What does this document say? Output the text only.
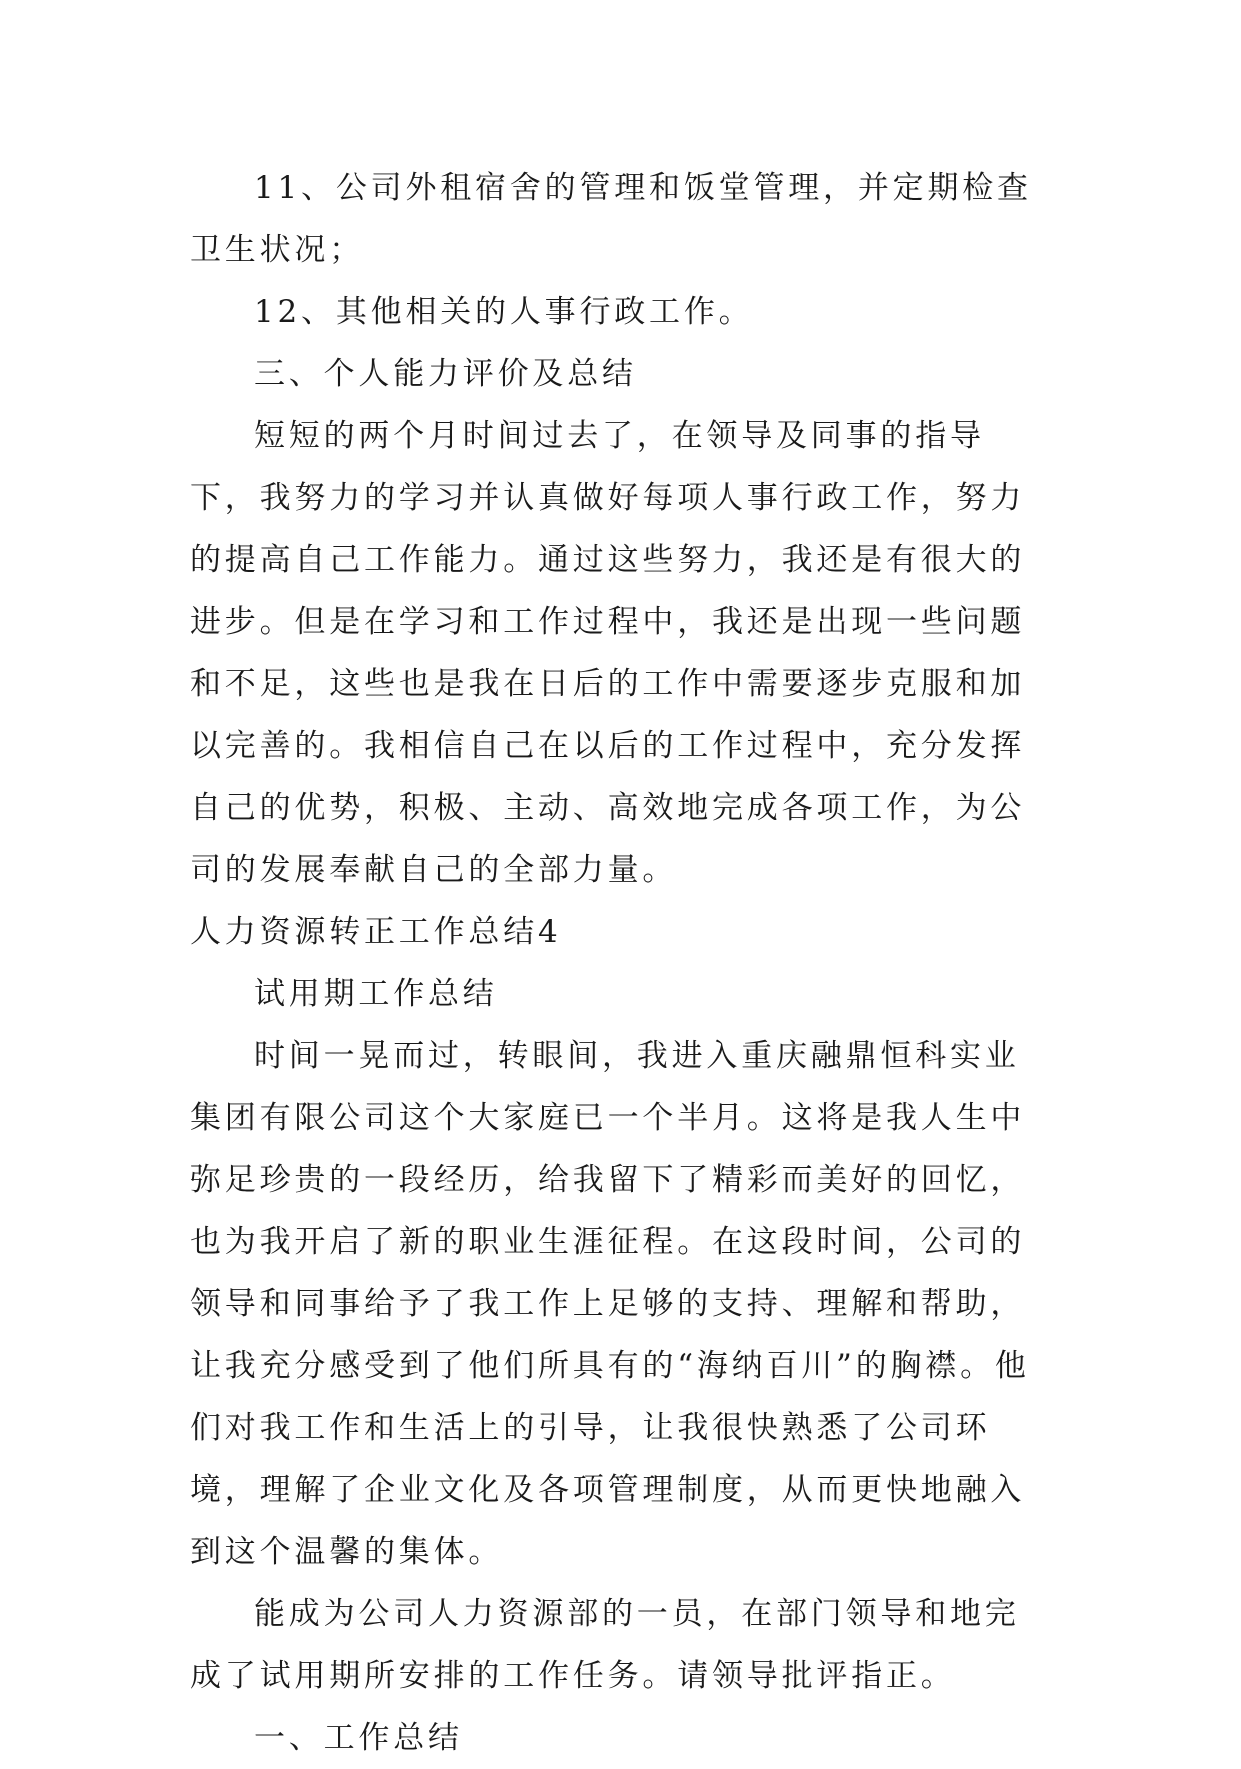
11、公司外租宿舍的管理和饭堂管理，并定期检查卫生状况；

12、其他相关的人事行政工作。

三、个人能力评价及总结

短短的两个月时间过去了，在领导及同事的指导下，我努力的学习并认真做好每项人事行政工作，努力的提高自己工作能力。通过这些努力，我还是有很大的进步。但是在学习和工作过程中，我还是出现一些问题和不足，这些也是我在日后的工作中需要逐步克服和加以完善的。我相信自己在以后的工作过程中，充分发挥自己的优势，积极、主动、高效地完成各项工作，为公司的发展奉献自己的全部力量。

人力资源转正工作总结4

试用期工作总结

时间一晃而过，转眼间，我进入重庆融鼎恒科实业集团有限公司这个大家庭已一个半月。这将是我人生中弥足珍贵的一段经历，给我留下了精彩而美好的回忆，也为我开启了新的职业生涯征程。在这段时间，公司的领导和同事给予了我工作上足够的支持、理解和帮助，让我充分感受到了他们所具有的“海纳百川”的胸襟。他们对我工作和生活上的引导，让我很快熟悉了公司环境，理解了企业文化及各项管理制度，从而更快地融入到这个温馨的集体。

能成为公司人力资源部的一员，在部门领导和地完成了试用期所安排的工作任务。请领导批评指正。

一、工作总结
